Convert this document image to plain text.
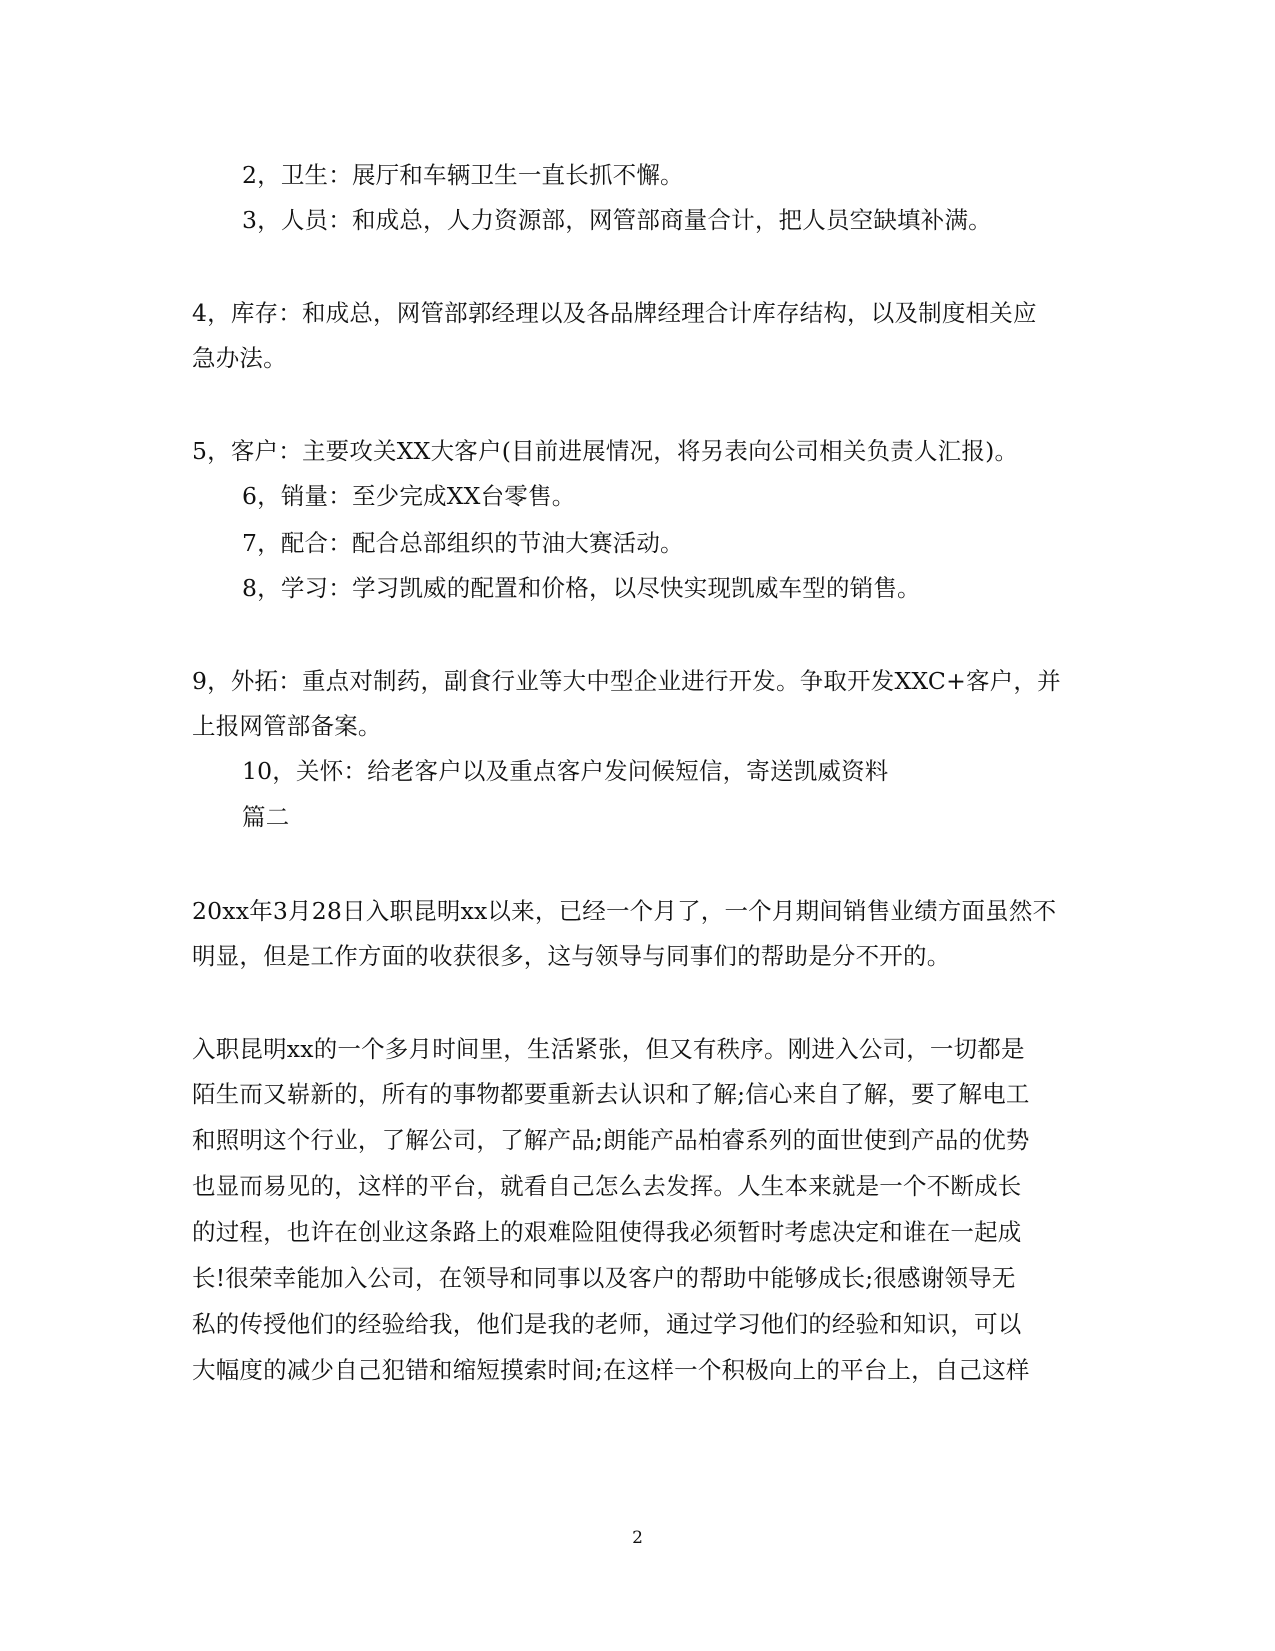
2，卫生：展厅和车辆卫生一直长抓不懈。
3，人员：和成总，人力资源部，网管部商量合计，把人员空缺填补满。
4，库存：和成总，网管部郭经理以及各品牌经理合计库存结构，以及制度相关应
急办法。
5，客户：主要攻关XX大客户(目前进展情况，将另表向公司相关负责人汇报)。
6，销量：至少完成XX台零售。
7，配合：配合总部组织的节油大赛活动。
8，学习：学习凯威的配置和价格，以尽快实现凯威车型的销售。
9，外拓：重点对制药，副食行业等大中型企业进行开发。争取开发XXC+客户，并
上报网管部备案。
10，关怀：给老客户以及重点客户发问候短信，寄送凯威资料
篇二
20xx年3月28日入职昆明xx以来，已经一个月了，一个月期间销售业绩方面虽然不
明显，但是工作方面的收获很多，这与领导与同事们的帮助是分不开的。
入职昆明xx的一个多月时间里，生活紧张，但又有秩序。刚进入公司，一切都是
陌生而又崭新的，所有的事物都要重新去认识和了解;信心来自了解，要了解电工
和照明这个行业，了解公司，了解产品;朗能产品柏睿系列的面世使到产品的优势
也显而易见的，这样的平台，就看自己怎么去发挥。人生本来就是一个不断成长
的过程，也许在创业这条路上的艰难险阻使得我必须暂时考虑决定和谁在一起成
长!很荣幸能加入公司，在领导和同事以及客户的帮助中能够成长;很感谢领导无
私的传授他们的经验给我，他们是我的老师，通过学习他们的经验和知识，可以
大幅度的减少自己犯错和缩短摸索时间;在这样一个积极向上的平台上，自己这样
2
